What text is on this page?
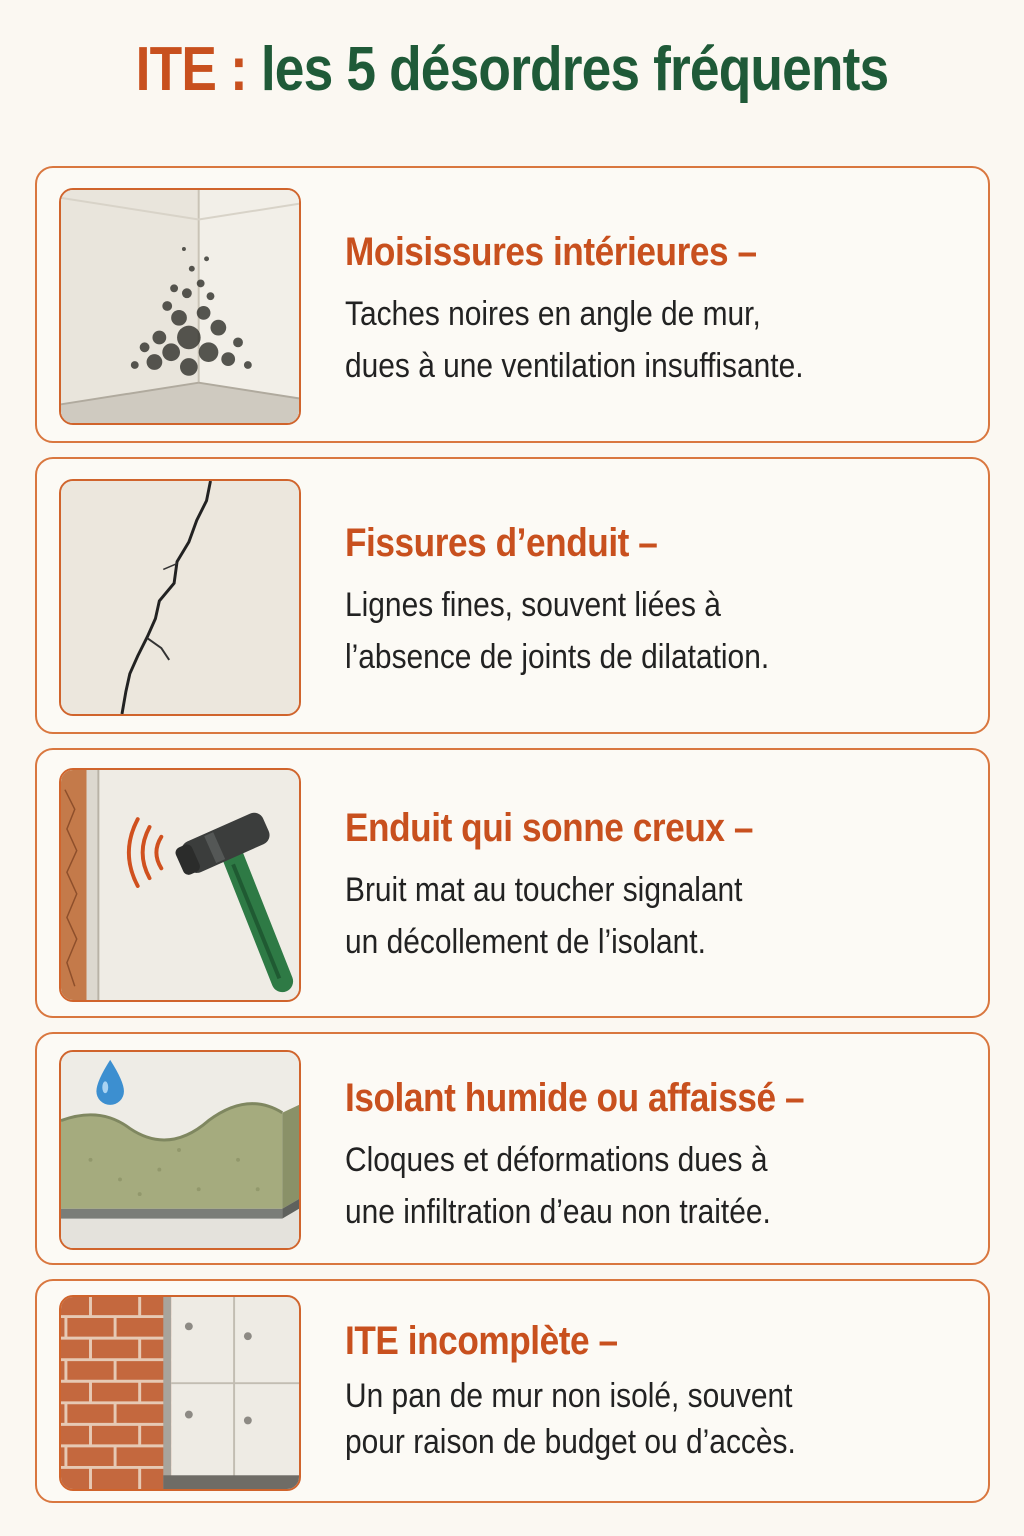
ITE : les 5 désordres fréquents
Moisissures intérieures –
Taches noires en angle de mur,
dues à une ventilation insuffisante.
Fissures d’enduit –
Lignes fines, souvent liées à
l’absence de joints de dilatation.
Enduit qui sonne creux –
Bruit mat au toucher signalant
un décollement de l’isolant.
Isolant humide ou affaissé –
Cloques et déformations dues à
une infiltration d’eau non traitée.
ITE incomplète –
Un pan de mur non isolé, souvent
pour raison de budget ou d’accès.
